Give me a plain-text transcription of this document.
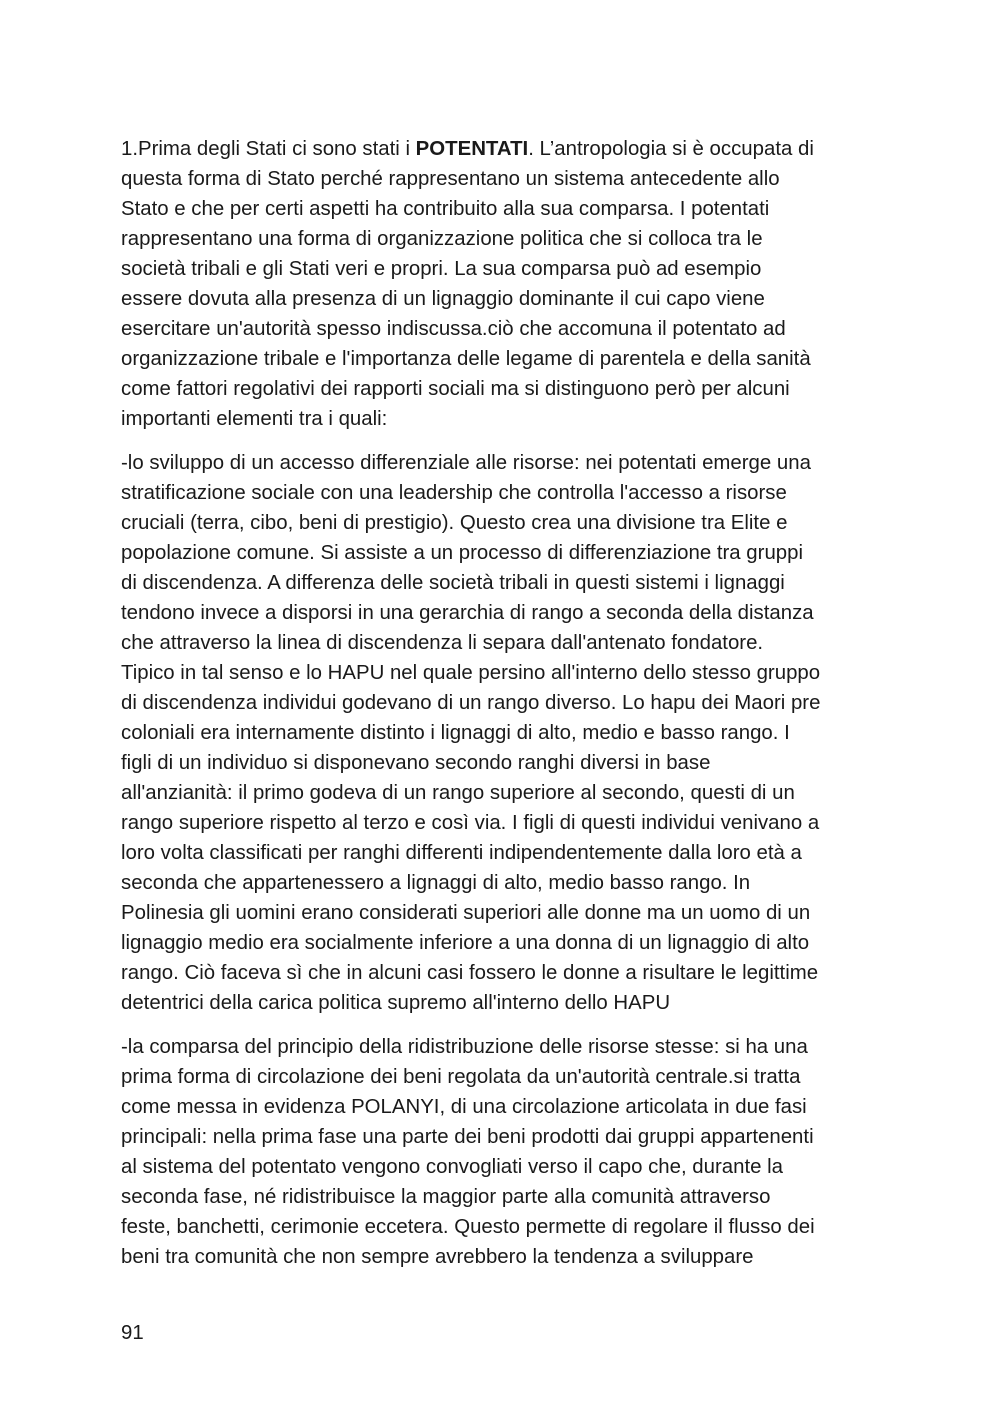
1.Prima degli Stati ci sono stati i POTENTATI. L’antropologia si è occupata di
questa forma di Stato perché rappresentano un sistema antecedente allo
Stato e che per certi aspetti ha contribuito alla sua comparsa. I potentati
rappresentano una forma di organizzazione politica che si colloca tra le
società tribali e gli Stati veri e propri. La sua comparsa può ad esempio
essere dovuta alla presenza di un lignaggio dominante il cui capo viene
esercitare un'autorità spesso indiscussa.ciò che accomuna il potentato ad
organizzazione tribale e l'importanza delle legame di parentela e della sanità
come fattori regolativi dei rapporti sociali ma si distinguono però per alcuni
importanti elementi tra i quali:
-lo sviluppo di un accesso differenziale alle risorse: nei potentati emerge una
stratificazione sociale con una leadership che controlla l'accesso a risorse
cruciali (terra, cibo, beni di prestigio). Questo crea una divisione tra Elite e
popolazione comune. Si assiste a un processo di differenziazione tra gruppi
di discendenza. A differenza delle società tribali in questi sistemi i lignaggi
tendono invece a disporsi in una gerarchia di rango a seconda della distanza
che attraverso la linea di discendenza li separa dall'antenato fondatore.
Tipico in tal senso e lo HAPU nel quale persino all'interno dello stesso gruppo
di discendenza individui godevano di un rango diverso. Lo hapu dei Maori pre
coloniali era internamente distinto i lignaggi di alto, medio e basso rango. I
figli di un individuo si disponevano secondo ranghi diversi in base
all'anzianità: il primo godeva di un rango superiore al secondo, questi di un
rango superiore rispetto al terzo e così via. I figli di questi individui venivano a
loro volta classificati per ranghi differenti indipendentemente dalla loro età a
seconda che appartenessero a lignaggi di alto, medio basso rango. In
Polinesia gli uomini erano considerati superiori alle donne ma un uomo di un
lignaggio medio era socialmente inferiore a una donna di un lignaggio di alto
rango. Ciò faceva sì che in alcuni casi fossero le donne a risultare le legittime
detentrici della carica politica supremo all'interno dello HAPU
-la comparsa del principio della ridistribuzione delle risorse stesse: si ha una
prima forma di circolazione dei beni regolata da un'autorità centrale.si tratta
come messa in evidenza POLANYI, di una circolazione articolata in due fasi
principali: nella prima fase una parte dei beni prodotti dai gruppi appartenenti
al sistema del potentato vengono convogliati verso il capo che, durante la
seconda fase, né ridistribuisce la maggior parte alla comunità attraverso
feste, banchetti, cerimonie eccetera. Questo permette di regolare il flusso dei
beni tra comunità che non sempre avrebbero la tendenza a sviluppare
91
